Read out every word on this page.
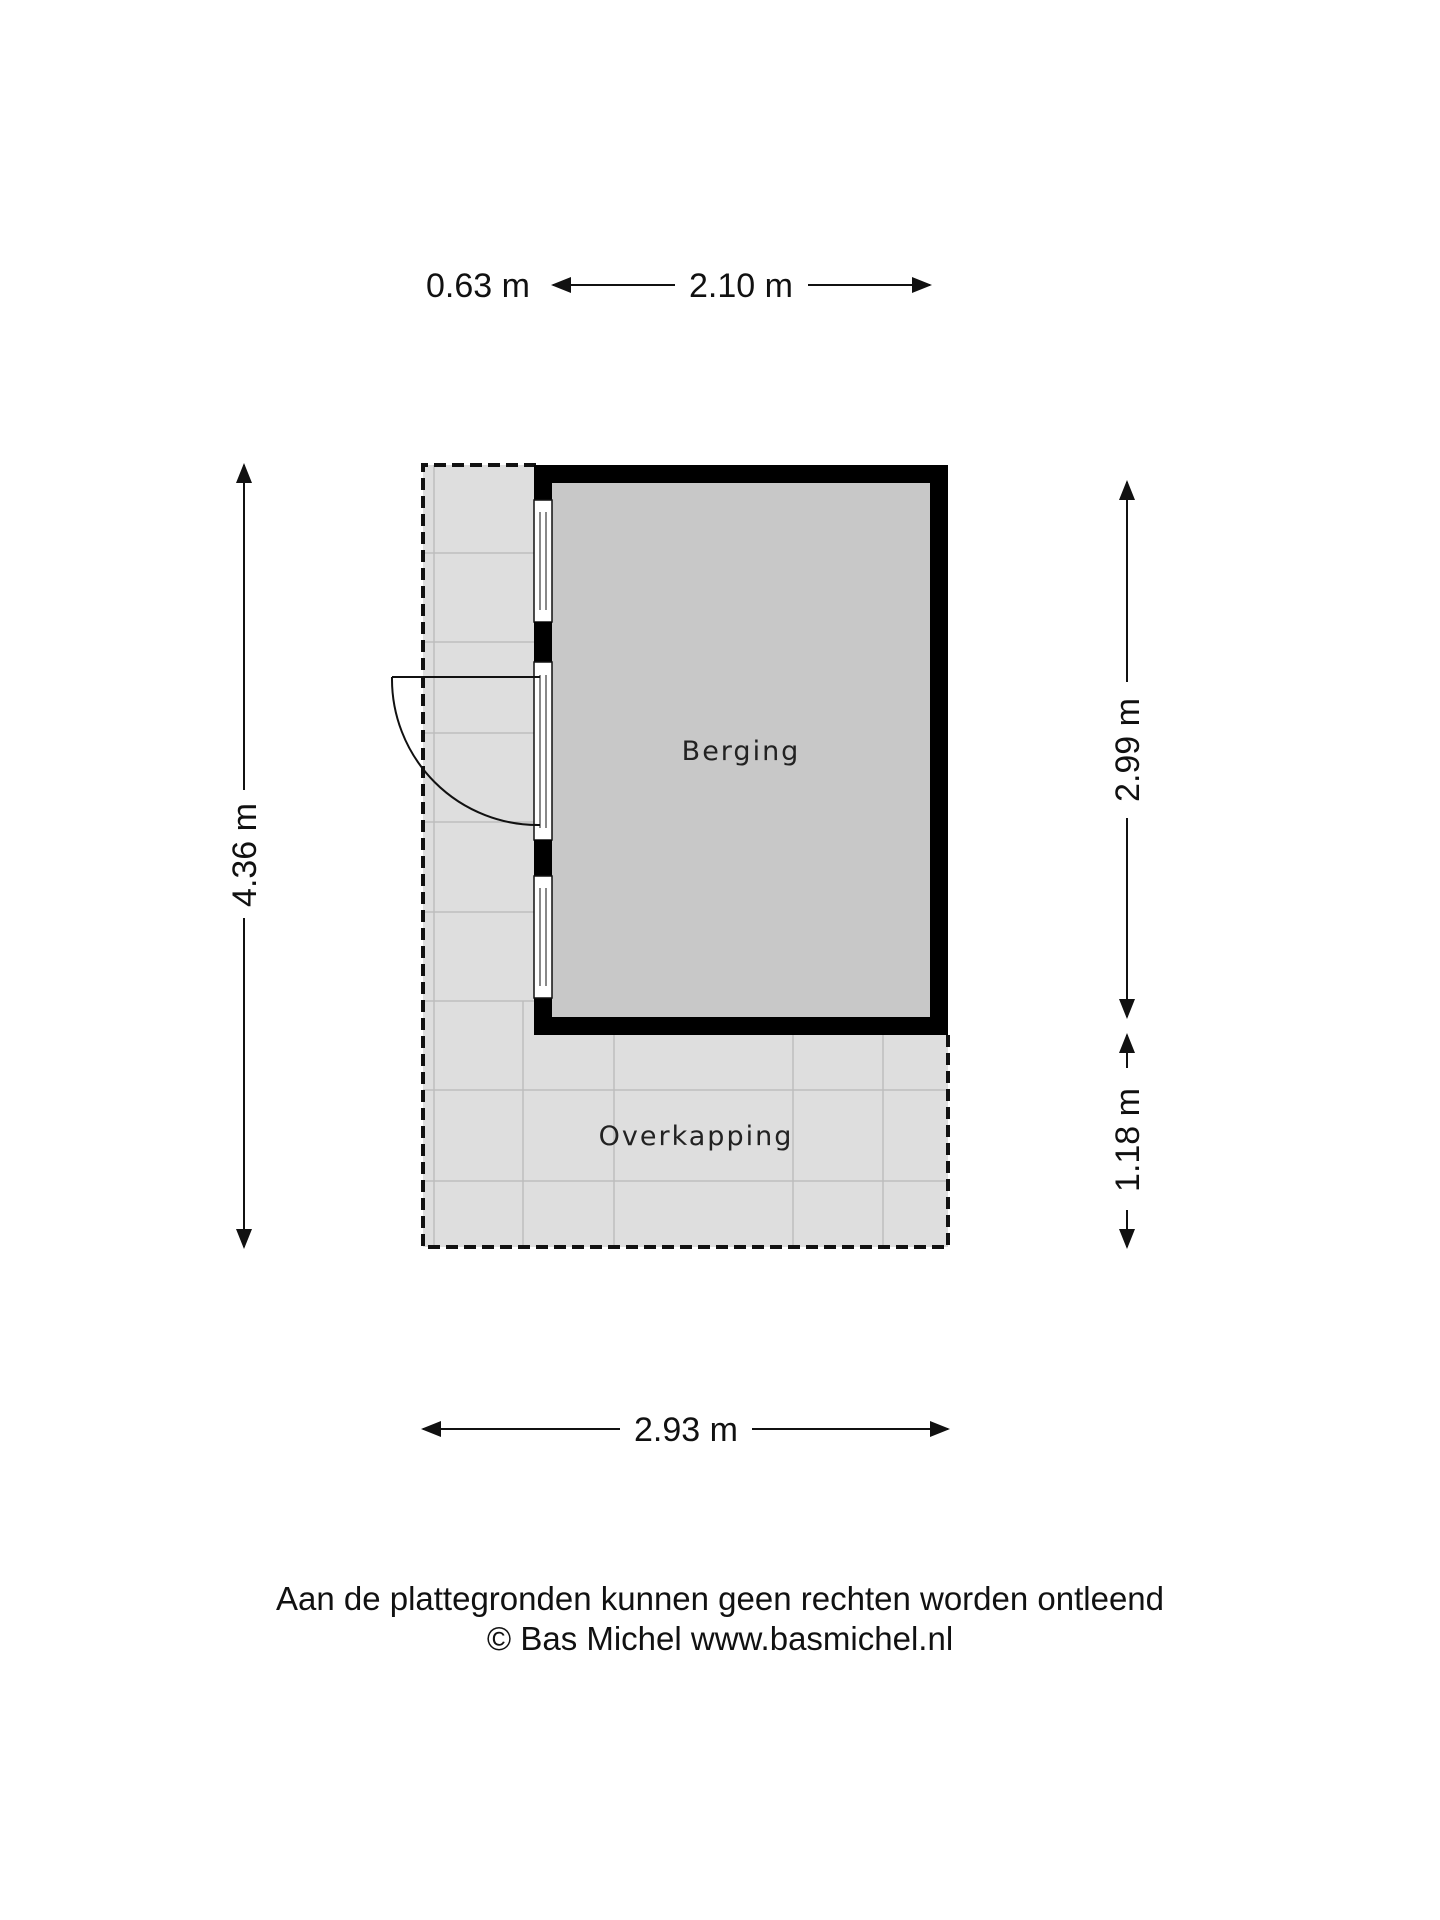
Berging
Overkapping
0.63 m	2.10 m
4.36 m
2.99 m
1.18 m
2.93 m
Aan de plattegronden kunnen geen rechten worden ontleend
© Bas Michel www.basmichel.nl
